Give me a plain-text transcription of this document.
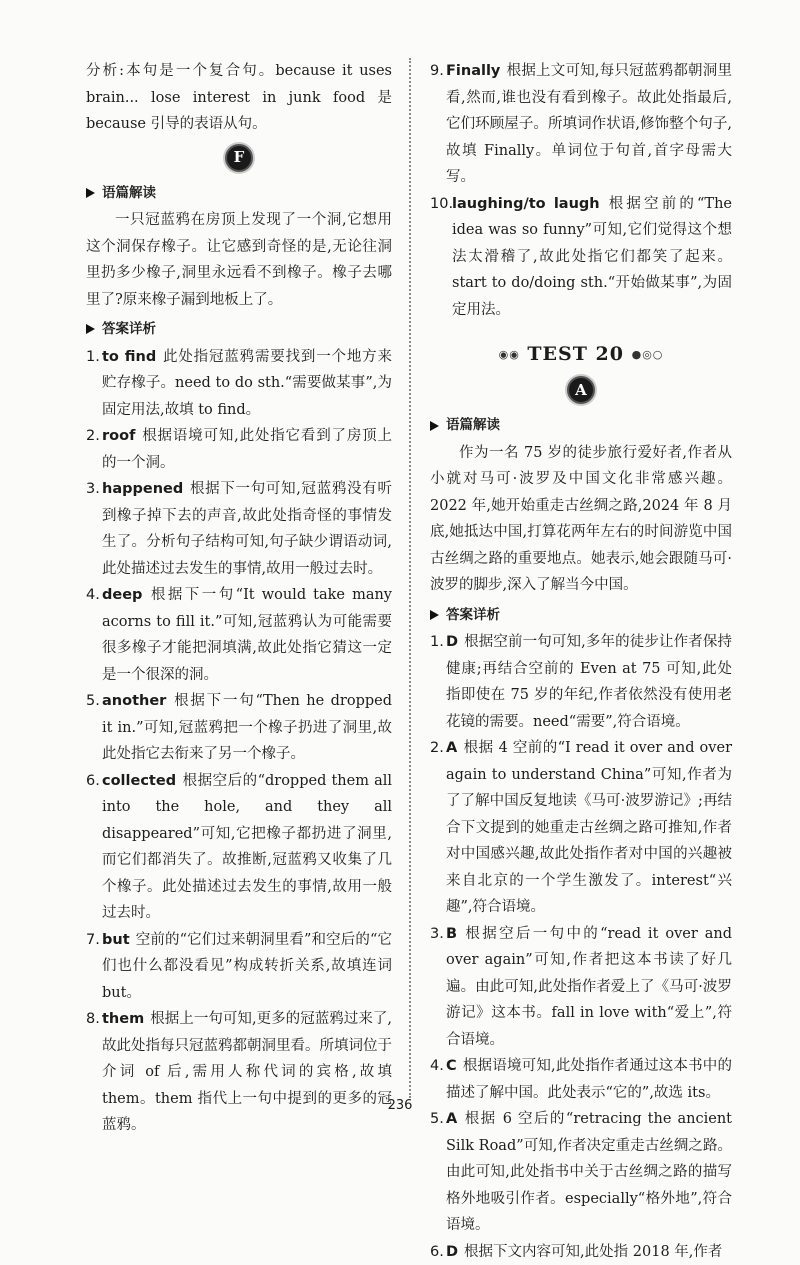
分析:本句是一个复合句。because it uses brain... lose interest in junk food 是 because 引导的表语从句。

F
语篇解读

一只冠蓝鸦在房顶上发现了一个洞,它想用这个洞保存橡子。让它感到奇怪的是,无论往洞里扔多少橡子,洞里永远看不到橡子。橡子去哪里了?原来橡子漏到地板上了。

答案详析
1. to find 此处指冠蓝鸦需要找到一个地方来贮存橡子。need to do sth.“需要做某事”,为固定用法,故填 to find。
2. roof 根据语境可知,此处指它看到了房顶上的一个洞。
3. happened 根据下一句可知,冠蓝鸦没有听到橡子掉下去的声音,故此处指奇怪的事情发生了。分析句子结构可知,句子缺少谓语动词,此处描述过去发生的事情,故用一般过去时。
4. deep 根据下一句“It would take many acorns to fill it.”可知,冠蓝鸦认为可能需要很多橡子才能把洞填满,故此处指它猜这一定是一个很深的洞。
5. another 根据下一句“Then he dropped it in.”可知,冠蓝鸦把一个橡子扔进了洞里,故此处指它去衔来了另一个橡子。
6. collected 根据空后的“dropped them all into the hole, and they all disappeared”可知,它把橡子都扔进了洞里,而它们都消失了。故推断,冠蓝鸦又收集了几个橡子。此处描述过去发生的事情,故用一般过去时。
7. but 空前的“它们过来朝洞里看”和空后的“它们也什么都没看见”构成转折关系,故填连词 but。
8. them 根据上一句可知,更多的冠蓝鸦过来了,故此处指每只冠蓝鸦都朝洞里看。所填词位于介词 of 后,需用人称代词的宾格,故填 them。them 指代上一句中提到的更多的冠蓝鸦。
9. Finally 根据上文可知,每只冠蓝鸦都朝洞里看,然而,谁也没有看到橡子。故此处指最后,它们环顾屋子。所填词作状语,修饰整个句子,故填 Finally。单词位于句首,首字母需大写。
10.
laughing/to laugh 根据空前的“The idea was so funny”可知,它们觉得这个想法太滑稽了,故此处指它们都笑了起来。start to do/doing sth.“开始做某事”,为固定用法。
◉◉ TEST 20 ●◎○
A
语篇解读

作为一名 75 岁的徒步旅行爱好者,作者从小就对马可·波罗及中国文化非常感兴趣。2022 年,她开始重走古丝绸之路,2024 年 8 月底,她抵达中国,打算花两年左右的时间游览中国古丝绸之路的重要地点。她表示,她会跟随马可·波罗的脚步,深入了解当今中国。

答案详析
1. D 根据空前一句可知,多年的徒步让作者保持健康;再结合空前的 Even at 75 可知,此处指即使在 75 岁的年纪,作者依然没有使用老花镜的需要。need“需要”,符合语境。
2. A 根据 4 空前的“I read it over and over again to understand China”可知,作者为了了解中国反复地读《马可·波罗游记》;再结合下文提到的她重走古丝绸之路可推知,作者对中国感兴趣,故此处指作者对中国的兴趣被来自北京的一个学生激发了。interest“兴趣”,符合语境。
3. B 根据空后一句中的“read it over and over again”可知,作者把这本书读了好几遍。由此可知,此处指作者爱上了《马可·波罗游记》这本书。fall in love with“爱上”,符合语境。
4. C 根据语境可知,此处指作者通过这本书中的描述了解中国。此处表示“它的”,故选 its。
5. A 根据 6 空后的“retracing the ancient Silk Road”可知,作者决定重走古丝绸之路。由此可知,此处指书中关于古丝绸之路的描写格外地吸引作者。especially“格外地”,符合语境。
6. D 根据下文内容可知,此处指 2018 年,作者
236
